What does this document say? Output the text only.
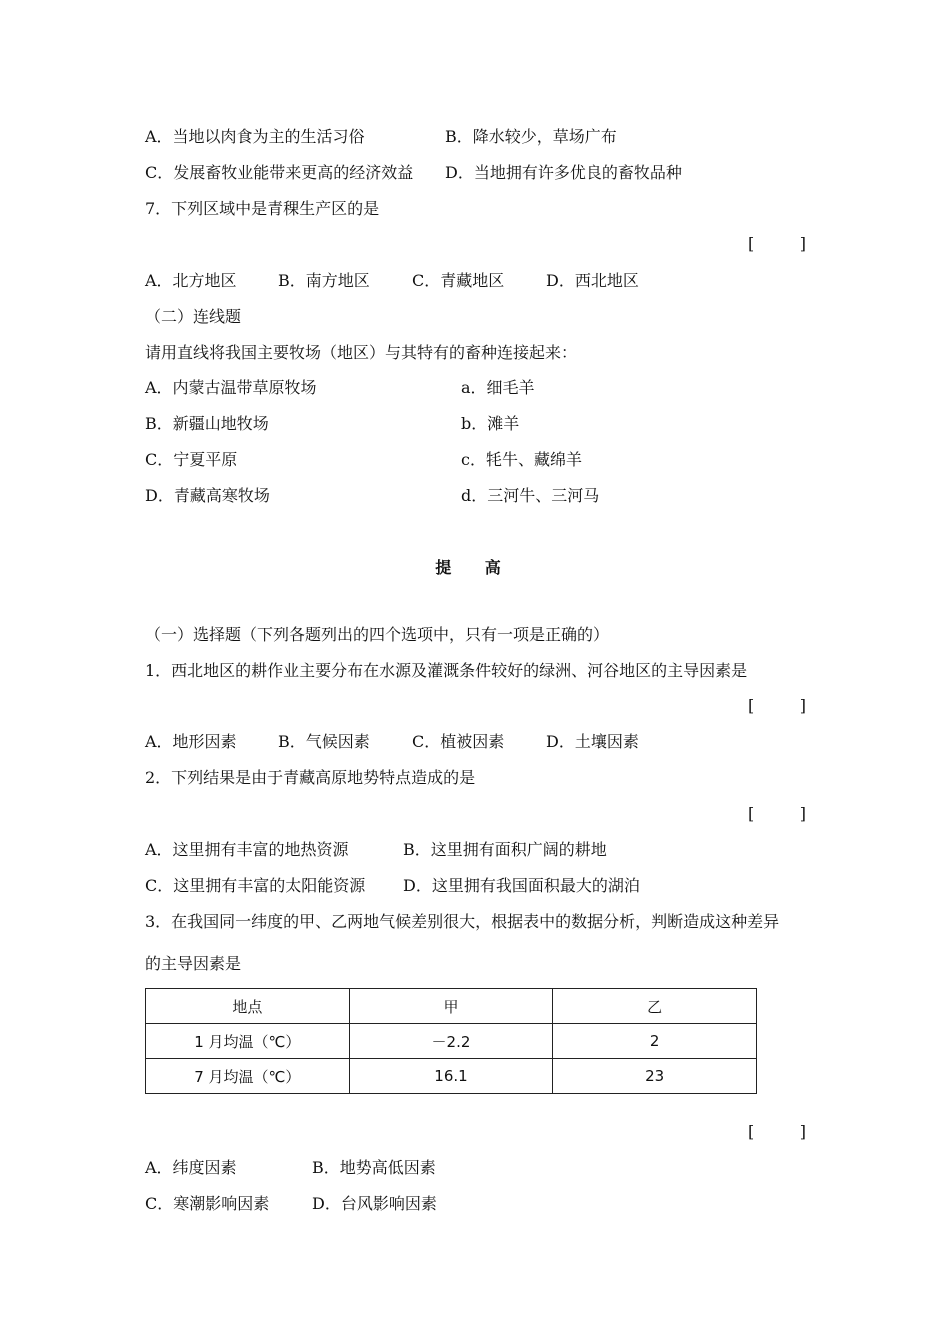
A．当地以肉食为主的生活习俗	B．降水较少，草场广布
C．发展畜牧业能带来更高的经济效益 D．当地拥有许多优良的畜牧品种
7．下列区域中是青稞生产区的是
[	]
A．北方地区	B．南方地区	C．青藏地区	D．西北地区
（二）连线题
请用直线将我国主要牧场（地区）与其特有的畜种连接起来：
A．内蒙古温带草原牧场	a．细毛羊
B．新疆山地牧场	b．滩羊
C．宁夏平原	c．牦牛、藏绵羊
D．青藏高寒牧场	d．三河牛、三河马
提 高
（一）选择题（下列各题列出的四个选项中，只有一项是正确的）
1．西北地区的耕作业主要分布在水源及灌溉条件较好的绿洲、河谷地区的主导因素是
[	]
A．地形因素	B．气候因素	C．植被因素	D．土壤因素
2．下列结果是由于青藏高原地势特点造成的是
[	]
A．这里拥有丰富的地热资源	B．这里拥有面积广阔的耕地
C．这里拥有丰富的太阳能资源 D．这里拥有我国面积最大的湖泊
3．在我国同一纬度的甲、乙两地气候差别很大，根据表中的数据分析，判断造成这种差异
的主导因素是
地点	甲	乙
1 月均温（℃）	－2.2	2
7 月均温（℃）	16.1	23
[	]
A．纬度因素	B．地势高低因素
C．寒潮影响因素	D．台风影响因素
